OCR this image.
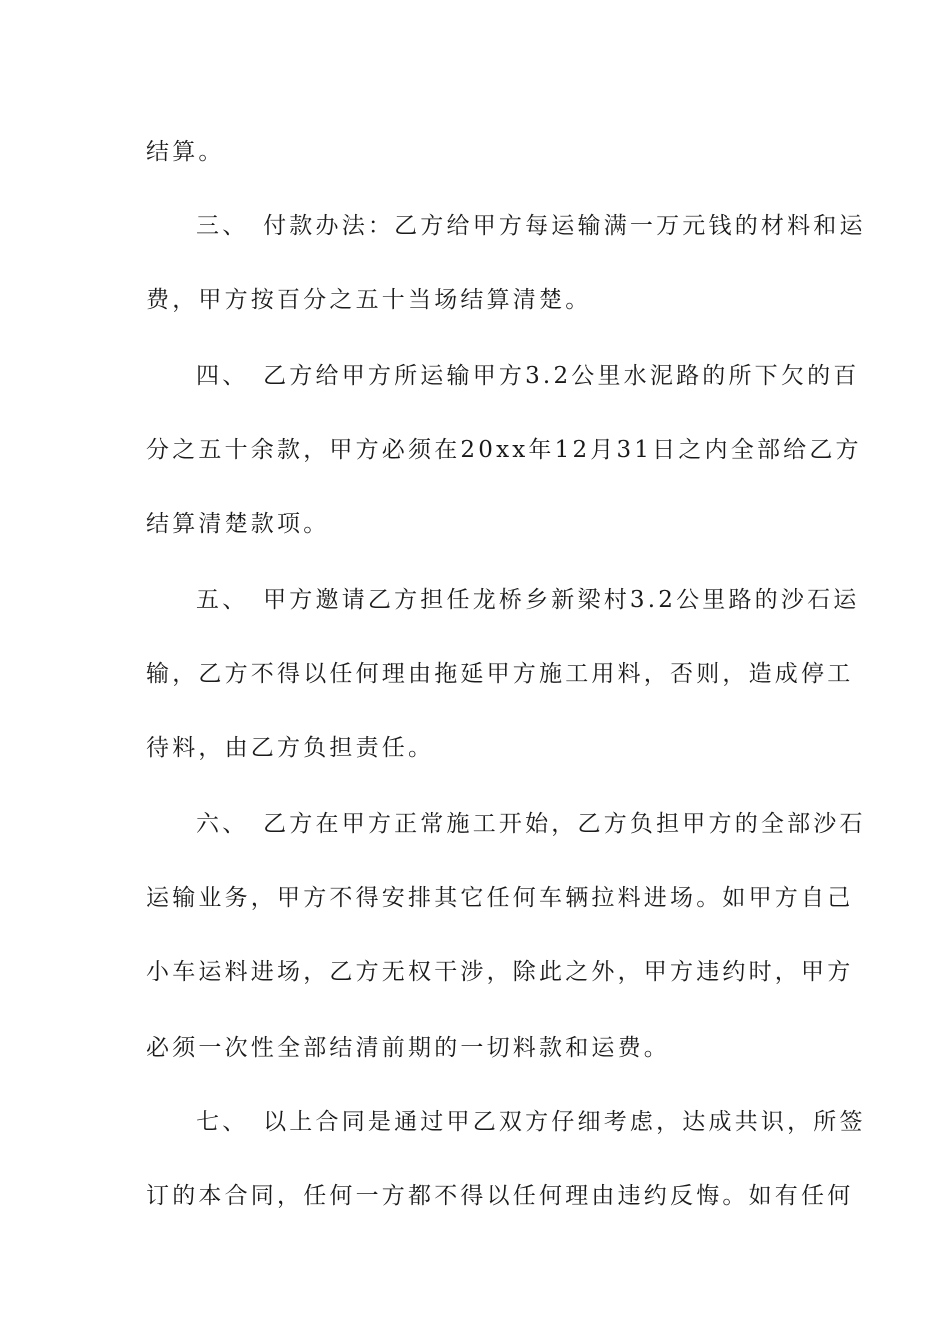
结算。
三、　付款办法：乙方给甲方每运输满一万元钱的材料和运
费，甲方按百分之五十当场结算清楚。
四、　乙方给甲方所运输甲方3.2公里水泥路的所下欠的百
分之五十余款，甲方必须在20xx年12月31日之内全部给乙方
结算清楚款项。
五、　甲方邀请乙方担任龙桥乡新梁村3.2公里路的沙石运
输，乙方不得以任何理由拖延甲方施工用料，否则，造成停工
待料，由乙方负担责任。
六、　乙方在甲方正常施工开始，乙方负担甲方的全部沙石
运输业务，甲方不得安排其它任何车辆拉料进场。如甲方自己
小车运料进场，乙方无权干涉，除此之外，甲方违约时，甲方
必须一次性全部结清前期的一切料款和运费。
七、　以上合同是通过甲乙双方仔细考虑，达成共识，所签
订的本合同，任何一方都不得以任何理由违约反悔。如有任何
